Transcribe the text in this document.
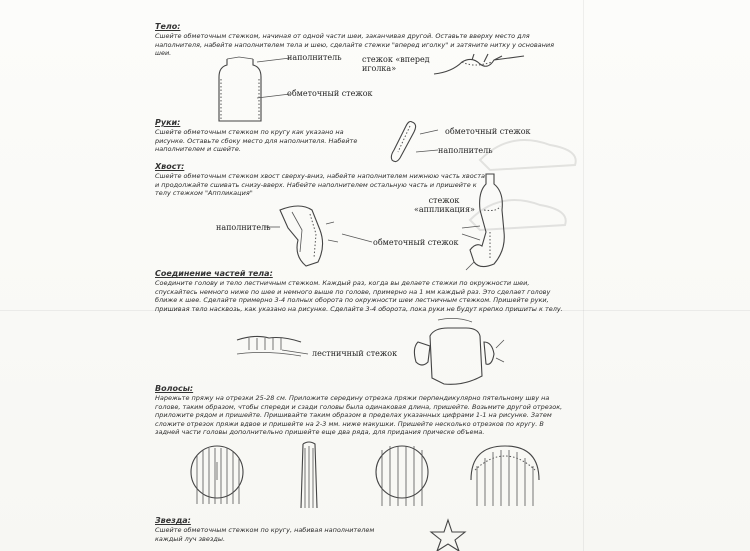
Тело:
Сшейте обметочным стежком, начиная от одной части шеи, заканчивая другой. Оставьте вверху место для наполнителя, набейте наполнителем тела и шею, сделайте стежки "вперед иголку" и затяните нитку у основания шеи.	наполнитель
обметочный стежок
стежок «вперед иголка»
Руки:
Сшейте обметочным стежком по кругу как указано на рисунке. Оставьте сбоку место для наполнителя. Набейте наполнителем и сшейте.
обметочный стежок
наполнитель
Хвост:
Сшейте обметочным стежком хвост сверху-вниз, набейте наполнителем нижнюю часть хвоста и продолжайте сшивать снизу-вверх. Набейте наполнителем остальную часть и пришейте к телу стежком "Аппликация"
наполнитель
обметочный стежок
стежок «аппликация»
Соединение частей тела:
Соедините голову и тело лестничным стежком. Каждый раз, когда вы делаете стежки по окружности шеи, спускайтесь немного ниже по шее и немного выше по голове, примерно на 1 мм каждый раз. Это сделает голову ближе к шее. Сделайте примерно 3-4 полных оборота по окружности шеи лестничным стежком. Пришейте руки, пришивая тело насквозь, как указано на рисунке. Сделайте 3-4 оборота, пока руки не будут крепко пришиты к телу.
лестничный стежок
Волосы:
Нарежьте пряжу на отрезки 25-28 см. Приложите середину отрезка пряжи перпендикулярно пятельному шву на голове, таким образом, чтобы спереди и сзади головы была одинаковая длина, пришейте. Возьмите другой отрезок, приложите рядом и пришейте. Пришивайте таким образом в пределах указанных цифрами 1-1 на рисунке. Затем сложите отрезок пряжи вдвое и пришейте на 2-3 мм. ниже макушки. Пришейте несколько отрезков по кругу. В задней части головы дополнительно пришейте еще два ряда, для придания прическе объема.
Звезда:
Сшейте обметочным стежком по кругу, набивая наполнителем каждый луч звезды.
